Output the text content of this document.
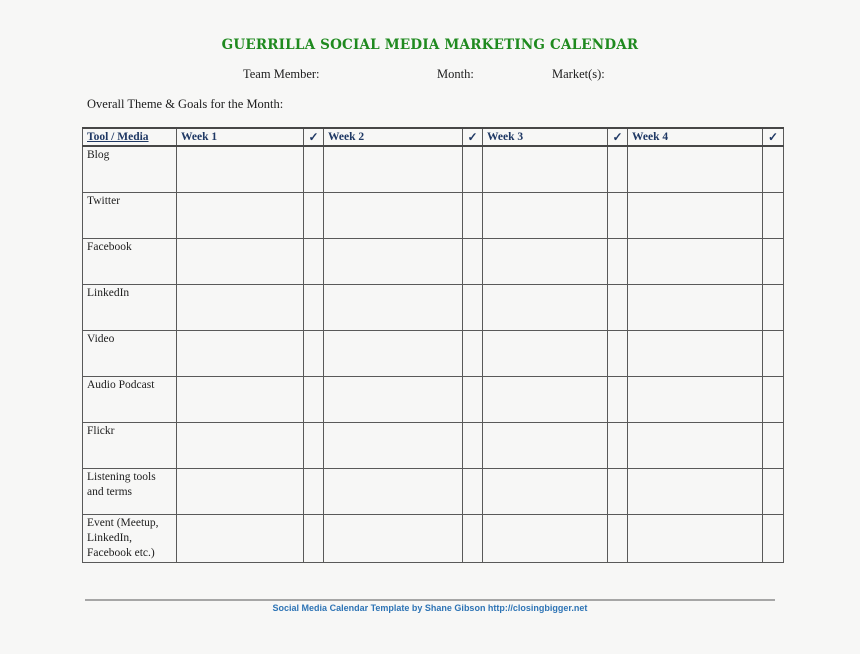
GUERRILLA SOCIAL MEDIA MARKETING CALENDAR
Team Member:	Month:	Market(s):
Overall Theme & Goals for the Month:
Tool / Media	Week 1	✓	Week 2	✓	Week 3	✓	Week 4	✓
Blog								
Twitter								
Facebook								
LinkedIn								
Video								
Audio Podcast								
Flickr								
Listening tools and terms								
Event (Meetup, LinkedIn, Facebook etc.)								
Social Media Calendar Template by Shane Gibson http://closingbigger.net
